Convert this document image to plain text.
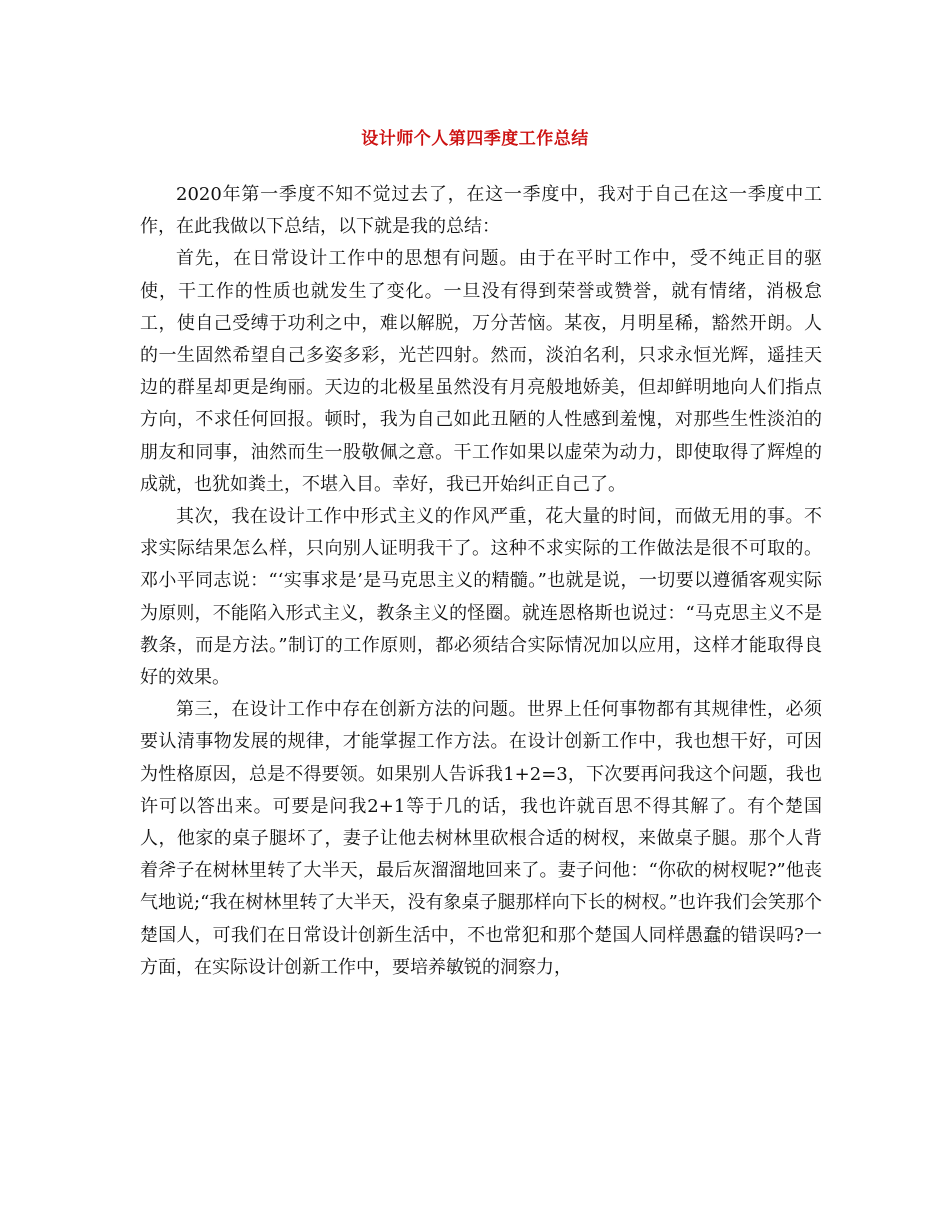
设计师个人第四季度工作总结

2020年第一季度不知不觉过去了，在这一季度中，我对于自己在这一季度中工作，在此我做以下总结，以下就是我的总结：

首先，在日常设计工作中的思想有问题。由于在平时工作中，受不纯正目的驱使，干工作的性质也就发生了变化。一旦没有得到荣誉或赞誉，就有情绪，消极怠工，使自己受缚于功利之中，难以解脱，万分苦恼。某夜，月明星稀，豁然开朗。人的一生固然希望自己多姿多彩，光芒四射。然而，淡泊名利，只求永恒光辉，遥挂天边的群星却更是绚丽。天边的北极星虽然没有月亮般地娇美，但却鲜明地向人们指点方向，不求任何回报。顿时，我为自己如此丑陋的人性感到羞愧，对那些生性淡泊的朋友和同事，油然而生一股敬佩之意。干工作如果以虚荣为动力，即使取得了辉煌的成就，也犹如粪土，不堪入目。幸好，我已开始纠正自己了。

其次，我在设计工作中形式主义的作风严重，花大量的时间，而做无用的事。不求实际结果怎么样，只向别人证明我干了。这种不求实际的工作做法是很不可取的。邓小平同志说：“‘实事求是’是马克思主义的精髓。”也就是说，一切要以遵循客观实际为原则，不能陷入形式主义，教条主义的怪圈。就连恩格斯也说过：“马克思主义不是教条，而是方法。”制订的工作原则，都必须结合实际情况加以应用，这样才能取得良好的效果。

第三，在设计工作中存在创新方法的问题。世界上任何事物都有其规律性，必须要认清事物发展的规律，才能掌握工作方法。在设计创新工作中，我也想干好，可因为性格原因，总是不得要领。如果别人告诉我1+2=3，下次要再问我这个问题，我也许可以答出来。可要是问我2+1等于几的话，我也许就百思不得其解了。有个楚国人，他家的桌子腿坏了，妻子让他去树林里砍根合适的树杈，来做桌子腿。那个人背着斧子在树林里转了大半天，最后灰溜溜地回来了。妻子问他：“你砍的树杈呢?”他丧气地说;“我在树林里转了大半天，没有象桌子腿那样向下长的树杈。”也许我们会笑那个楚国人，可我们在日常设计创新生活中，不也常犯和那个楚国人同样愚蠢的错误吗?一方面，在实际设计创新工作中，要培养敏锐的洞察力，
